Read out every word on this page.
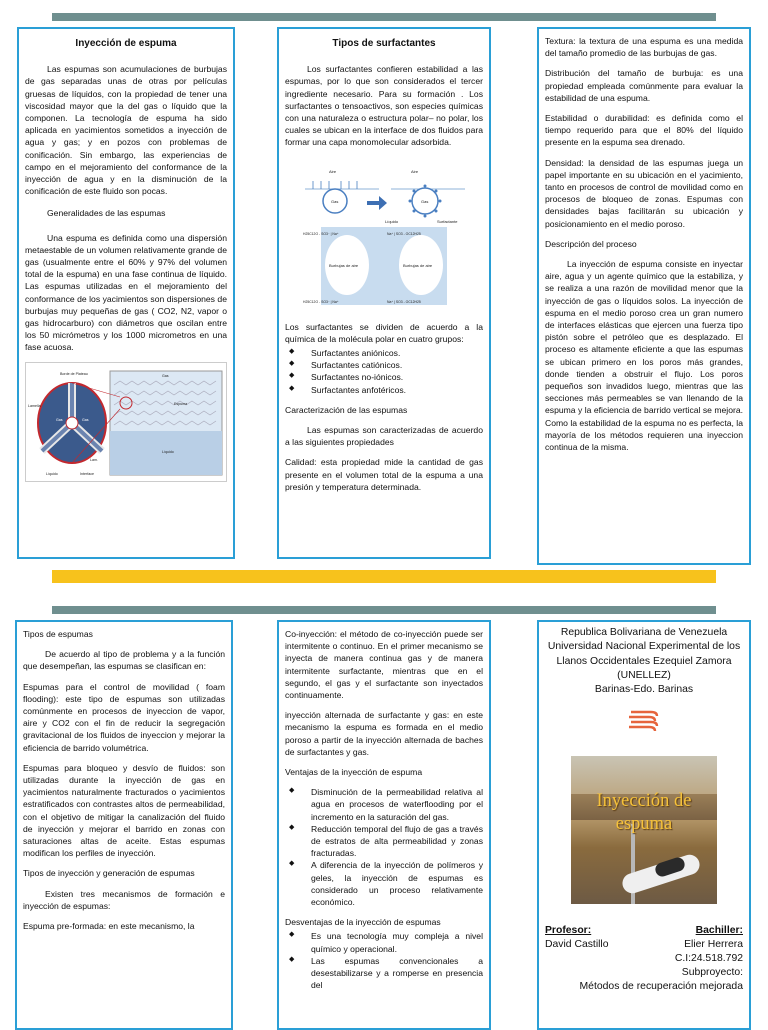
Inyección de espuma

Las espumas son acumulaciones de burbujas de gas separadas unas de otras por películas gruesas de líquidos, con la propiedad de tener una viscosidad mayor que la del gas o líquido que la componen. La tecnología de espuma ha sido aplicada en yacimientos sometidos a inyección de agua y gas; y en pozos con problemas de conificación. Sin embargo, las experiencias de campo en el mejoramiento del conformance de la inyección de agua y en la disminución de la conificación de este fluido son pocas.

Generalidades de las espumas

Una espuma es definida como una dispersión metaestable de un volumen relativamente grande de gas (usualmente entre el 60% y 97% del volumen total de la espuma) en una fase continua de líquido. Las espumas utilizadas en el mejoramiento del conformance de los yacimientos son dispersiones de burbujas muy pequeñas de gas ( CO2, N2, vapor o gas hidrocarburo) con diámetros que oscilan entre los 50 micrómetros y los 1000 micrometros en una fase acuosa.

Borde de Plateau	Gas
Lamella	Espuma
Gas	Gas
Líquido
Lam.
Líquido	Interface
Tipos de surfactantes

Los surfactantes confieren estabilidad a las espumas, por lo que son considerados el tercer ingrediente necesario. Para su formación . Los surfactantes o tensoactivos, son especies químicas con una naturaleza o estructura polar– no polar, los cuales se ubican en la interface de dos fluidos para formar una capa monomolecular adsorbida.

Aire	Aire
Gas	Gas
Líquido	Surfactante
H25C12O - SO3⁻ | Na⁺	Na⁺ | SO3 - OC12H25
Burbujas de aire	Burbujas de aire
H25C12O - SO3⁻ | Na⁺	Na⁺ | SO3 - OC12H25

Los surfactantes se dividen de acuerdo a la química de la molécula polar en cuatro grupos:

◆ Surfactantes aniónicos.
◆ Surfactantes catiónicos.
◆ Surfactantes no-iónicos.
◆ Surfactantes anfotéricos.

Caracterización de las espumas

Las espumas son caracterizadas de acuerdo a las siguientes propiedades

Calidad: esta propiedad mide la cantidad de gas presente en el volumen total de la espuma a una presión y temperatura determinada.

Textura: la textura de una espuma es una medida del tamaño promedio de las burbujas de gas.

Distribución del tamaño de burbuja: es una propiedad empleada comúnmente para evaluar la estabilidad de una espuma.

Estabilidad o durabilidad: es definida como el tiempo requerido para que el 80% del líquido presente en la espuma sea drenado.

Densidad: la densidad de las espumas juega un papel importante en su ubicación en el yacimiento, tanto en procesos de control de movilidad como en procesos de bloqueo de zonas. Espumas con densidades bajas facilitarán su ubicación y posicionamiento en el medio poroso.

Descripción del proceso

La inyección de espuma consiste en inyectar aire, agua y un agente químico que la estabiliza, y se realiza a una razón de movilidad menor que la inyección de gas o líquidos solos. La inyección de espuma en el medio poroso crea un gran numero de interfaces elásticas que ejercen una fuerza tipo pistón sobre el petróleo que es desplazado. El proceso es altamente eficiente a que las espumas se ubican primero en los poros más grandes, donde tienden a obstruir el flujo. Los poros pequeños son invadidos luego, mientras que las secciones más permeables se van llenando de la espuma y la eficiencia de barrido vertical se mejora. Como la estabilidad de la espuma no es perfecta, la mayoría de los métodos requieren una inyeccion continua de la misma.

Tipos de espumas

De acuerdo al tipo de problema y a la función que desempeñan, las espumas se clasifican en:

Espumas para el control de movilidad ( foam flooding): este tipo de espumas son utilizadas comúnmente en procesos de inyeccion de vapor, aire y CO2 con el fin de reducir la segregación gravitacional de los fluidos de inyeccion y mejorar la eficiencia de barrido volumétrica.

Espumas para bloqueo y desvío de fluidos: son utilizadas durante la inyección de gas en yacimientos naturalmente fracturados o yacimientos estratificados con contrastes altos de permeabilidad, con el objetivo de mitigar la canalización del fluido de inyección y mejorar el barrido en zonas con saturaciones altas de aceite. Estas espumas modifican los perfiles de inyección.

Tipos de inyección y generación de espumas

Existen tres mecanismos de formación e inyección de espumas:

Espuma pre-formada: en este mecanismo, la

Co-inyección: el método de co-inyección puede ser intermitente o continuo. En el primer mecanismo se inyecta de manera continua gas y de manera intermitente surfactante, mientras que en el segundo, el gas y el surfactante son inyectados continuamente.

inyección alternada de surfactante y gas: en este mecanismo la espuma es formada en el medio poroso a partir de la inyección alternada de baches de surfactantes y gas.

Ventajas de la inyección de espuma

◆ Disminución de la permeabilidad relativa al agua en procesos de waterflooding por el incremento en la saturación del gas.
◆ Reducción temporal del flujo de gas a través de estratos de alta permeabilidad y zonas fracturadas.
◆ A diferencia de la inyección de polímeros y geles, la inyección de espumas es considerado un proceso relativamente económico.

Desventajas de la inyección de espumas

◆ Es una tecnología muy compleja a nivel químico y operacional.
◆ Las espumas convencionales a desestabilizarse y a romperse en presencia del
Republica Bolivariana de Venezuela
Universidad Nacional Experimental de los Llanos Occidentales Ezequiel Zamora
(UNELLEZ)
Barinas-Edo. Barinas
Inyección de espuma
Profesor:
David Castillo
Bachiller:
Elier Herrera
C.I:24.518.792
Subproyecto:
Métodos de recuperación mejorada
